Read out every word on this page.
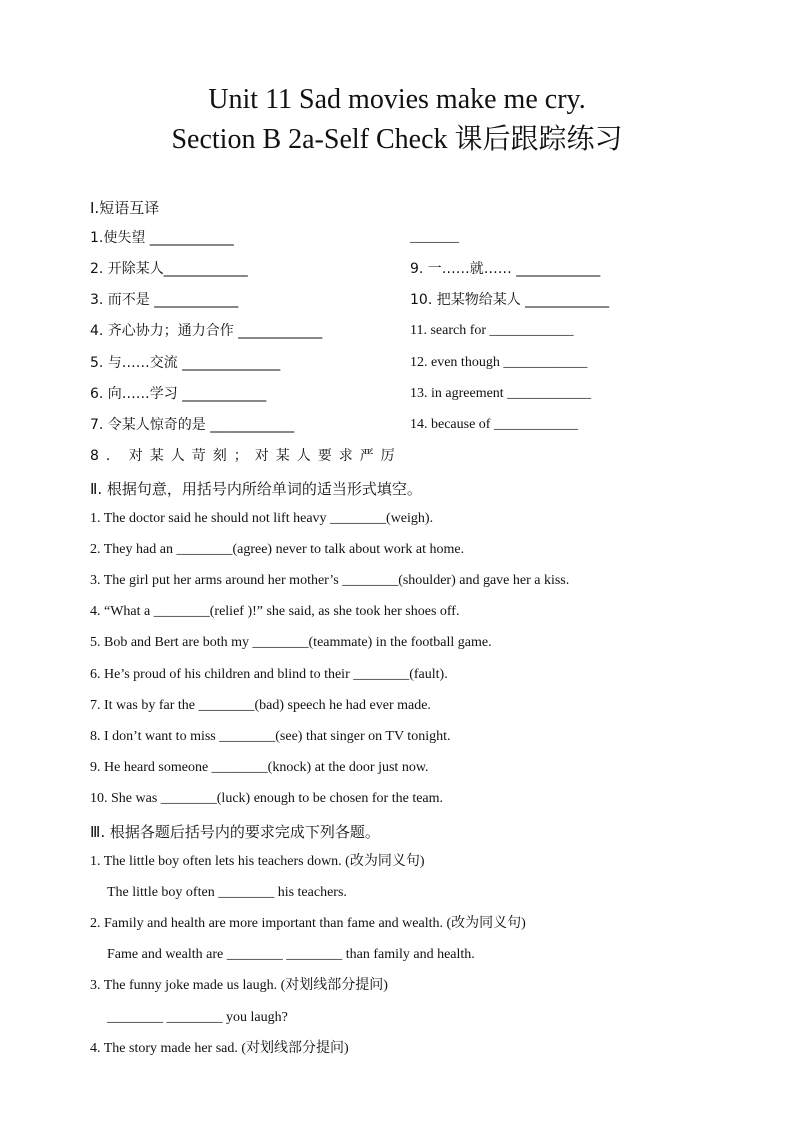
Unit 11 Sad movies make me cry.
Section B 2a-Self Check 课后跟踪练习
Ⅰ.短语互译
1.使失望 ____________
2. 开除某人____________
3. 而不是 ____________
4. 齐心协力；通力合作 ____________
5. 与……交流 ______________
6. 向……学习 ____________
7. 令某人惊奇的是 ____________
8. 对某人苛刻；对某人要求严厉
_______
9. 一……就…… ____________
10. 把某物给某人 ____________
11. search for ____________
12. even though ____________
13. in agreement ____________
14. because of ____________
Ⅱ. 根据句意，用括号内所给单词的适当形式填空。
1. The doctor said he should not lift heavy ________(weigh).
2. They had an ________(agree) never to talk about work at home.
3. The girl put her arms around her mother’s ________(shoulder) and gave her a kiss.
4. “What a ________(relief )!” she said, as she took her shoes off.
5. Bob and Bert are both my ________(teammate) in the football game.
6. He’s proud of his children and blind to their ________(fault).
7. It was by far the ________(bad) speech he had ever made.
8. I don’t want to miss ________(see) that singer on TV tonight.
9. He heard someone ________(knock) at the door just now.
10. She was ________(luck) enough to be chosen for the team.
Ⅲ. 根据各题后括号内的要求完成下列各题。
1. The little boy often lets his teachers down. (改为同义句)
The little boy often ________ his teachers.
2. Family and health are more important than fame and wealth. (改为同义句)
Fame and wealth are ________ ________ than family and health.
3. The funny joke made us laugh. (对划线部分提问)
________ ________ you laugh?
4. The story made her sad. (对划线部分提问)
